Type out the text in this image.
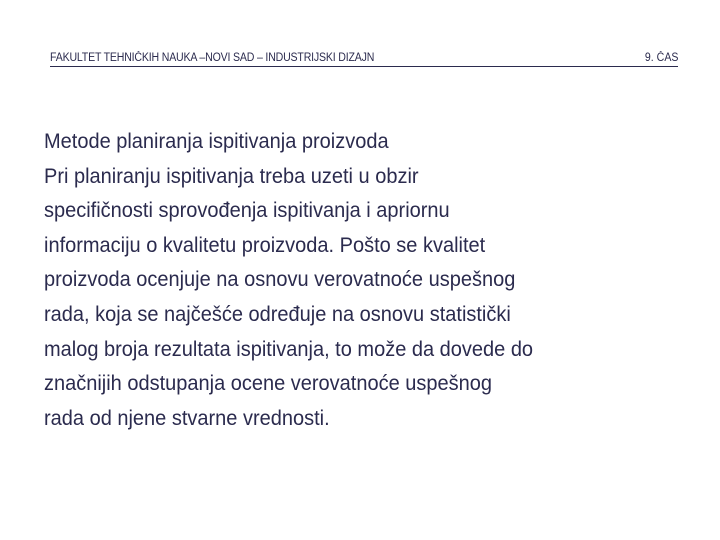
FAKULTET TEHNIČKIH NAUKA –NOVI SAD – INDUSTRIJSKI DIZAJN	9. ČAS
Metode planiranja ispitivanja proizvoda
Pri planiranju ispitivanja treba uzeti u obzir
specifičnosti sprovođenja ispitivanja i apriornu
informaciju o kvalitetu proizvoda. Pošto se kvalitet
proizvoda ocenjuje na osnovu verovatnoće uspešnog
rada, koja se najčešće određuje na osnovu statistički
malog broja rezultata ispitivanja, to može da dovede do
značnijih odstupanja ocene verovatnoće uspešnog
rada od njene stvarne vrednosti.
